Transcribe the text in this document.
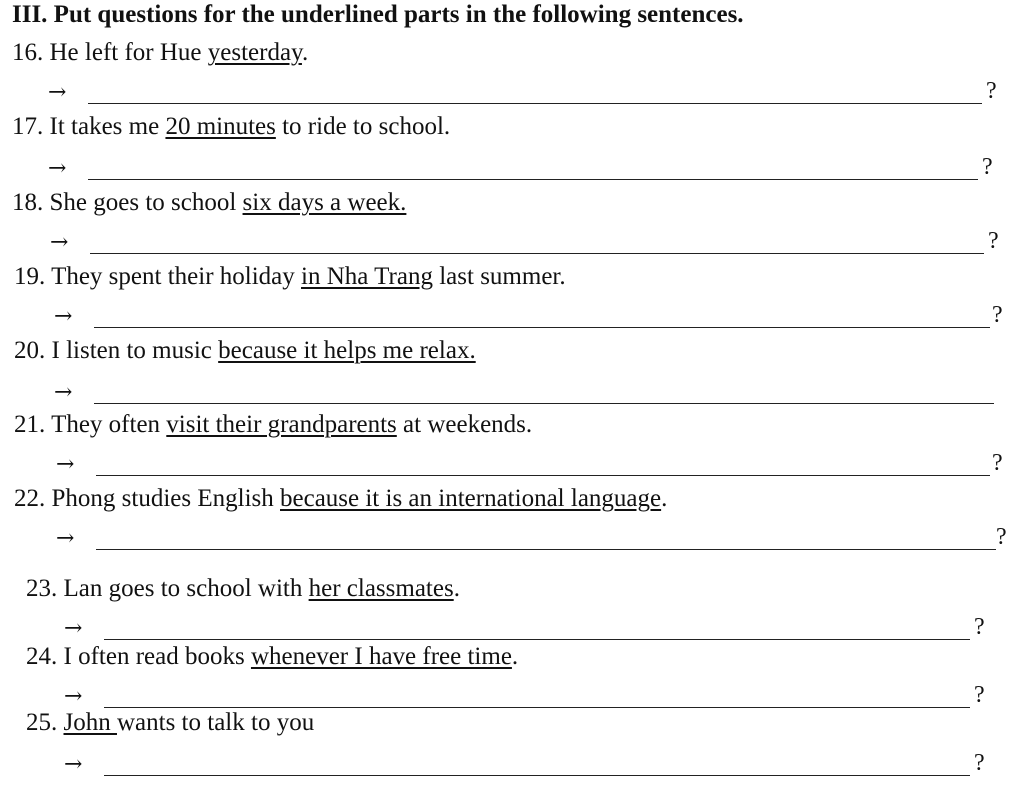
III. Put questions for the underlined parts in the following sentences.

16. He left for Hue yesterday.

→	?

17. It takes me 20 minutes to ride to school.

→	?

18. She goes to school six days a week.

→	?

19. They spent their holiday in Nha Trang last summer.

→	?

20. I listen to music because it helps me relax.

→

21. They often visit their grandparents at weekends.

→	?

22. Phong studies English because it is an international language.

→	?

23. Lan goes to school with her classmates.

→	?

24. I often read books whenever I have free time.

→	?

25. John wants to talk to you

→	?
